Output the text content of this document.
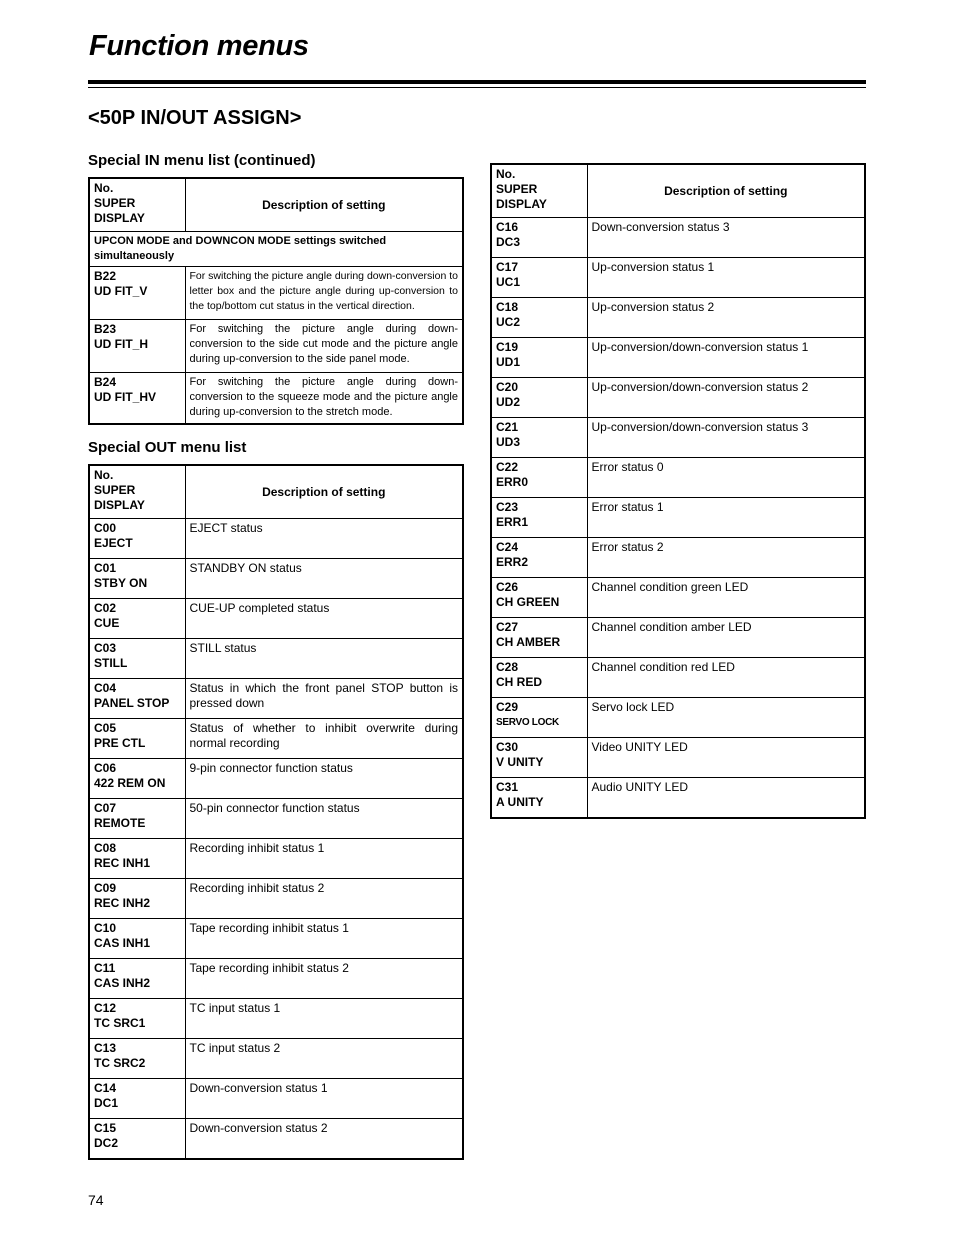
Function menus
<50P IN/OUT ASSIGN>
Special IN menu list (continued)
No.
SUPER
DISPLAY	Description of setting
UPCON MODE and DOWNCON MODE settings switched simultaneously	

B22
UD FIT_V	For switching the picture angle during down-conversion to letter box and the picture angle during up-conversion to the top/bottom cut status in the vertical direction.

B23
UD FIT_H	For switching the picture angle during down-conversion to the side cut mode and the picture angle during up-conversion to the side panel mode.

B24
UD FIT_HV	For switching the picture angle during down-conversion to the squeeze mode and the picture angle during up-conversion to the stretch mode.
Special OUT menu list
No.
SUPER
DISPLAY	Description of setting

C00
EJECT	EJECT status

C01
STBY ON	STANDBY ON status

C02
CUE	CUE-UP completed status

C03
STILL	STILL status

C04
PANEL STOP	Status in which the front panel STOP button is pressed down

C05
PRE CTL	Status of whether to inhibit overwrite during normal recording

C06
422 REM ON	9-pin connector function status

C07
REMOTE	50-pin connector function status

C08
REC INH1	Recording inhibit status 1

C09
REC INH2	Recording inhibit status 2

C10
CAS INH1	Tape recording inhibit status 1

C11
CAS INH2	Tape recording inhibit status 2

C12
TC SRC1	TC input status 1

C13
TC SRC2	TC input status 2

C14
DC1	Down-conversion status 1

C15
DC2	Down-conversion status 2
No.
SUPER
DISPLAY	Description of setting

C16
DC3	Down-conversion status 3

C17
UC1	Up-conversion status 1

C18
UC2	Up-conversion status 2

C19
UD1	Up-conversion/down-conversion status 1

C20
UD2	Up-conversion/down-conversion status 2

C21
UD3	Up-conversion/down-conversion status 3

C22
ERR0	Error status 0

C23
ERR1	Error status 1

C24
ERR2	Error status 2

C26
CH GREEN	Channel condition green LED

C27
CH AMBER	Channel condition amber LED

C28
CH RED	Channel condition red LED

C29
SERVO LOCK	Servo lock LED

C30
V UNITY	Video UNITY LED

C31
A UNITY	Audio UNITY LED
74
